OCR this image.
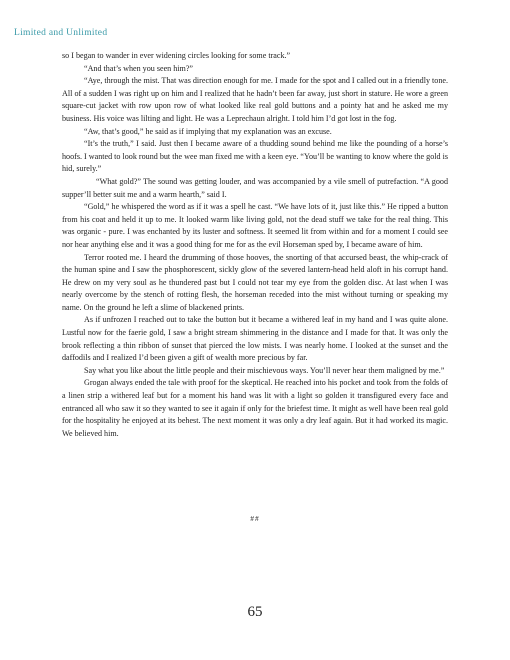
Limited and Unlimited

so I began to wander in ever widening circles looking for some track.”

“And that’s when you seen him?”

“Aye, through the mist. That was direction enough for me. I made for the spot and I called out in a friendly tone. All of a sudden I was right up on him and I realized that he hadn’t been far away, just short in stature. He wore a green square-cut jacket with row upon row of what looked like real gold buttons and a pointy hat and he asked me my business. His voice was lilting and light. He was a Leprechaun alright. I told him I’d got lost in the fog.

“Aw, that’s good,” he said as if implying that my explanation was an excuse.

“It’s the truth,” I said. Just then I became aware of a thudding sound behind me like the pounding of a horse’s hoofs. I wanted to look round but the wee man fixed me with a keen eye. “You’ll be wanting to know where the gold is hid, surely.”

“What gold?” The sound was getting louder, and was accompanied by a vile smell of putrefaction. “A good supper’ll better suit me and a warm hearth,” said I.

“Gold,” he whispered the word as if it was a spell he cast. “We have lots of it, just like this.” He ripped a button from his coat and held it up to me. It looked warm like living gold, not the dead stuff we take for the real thing. This was organic - pure. I was enchanted by its luster and softness. It seemed lit from within and for a moment I could see nor hear anything else and it was a good thing for me for as the evil Horseman sped by, I became aware of him.

Terror rooted me. I heard the drumming of those hooves, the snorting of that accursed beast, the whip-crack of the human spine and I saw the phosphorescent, sickly glow of the severed lantern-head held aloft in his corrupt hand. He drew on my very soul as he thundered past but I could not tear my eye from the golden disc. At last when I was nearly overcome by the stench of rotting flesh, the horseman receded into the mist without turning or speaking my name. On the ground he left a slime of blackened prints.

As if unfrozen I reached out to take the button but it became a withered leaf in my hand and I was quite alone. Lustful now for the faerie gold, I saw a bright stream shimmering in the distance and I made for that. It was only the brook reflecting a thin ribbon of sunset that pierced the low mists. I was nearly home. I looked at the sunset and the daffodils and I realized I’d been given a gift of wealth more precious by far.

Say what you like about the little people and their mischievous ways. You’ll never hear them maligned by me.”

Grogan always ended the tale with proof for the skeptical. He reached into his pocket and took from the folds of a linen strip a withered leaf but for a moment his hand was lit with a light so golden it transfigured every face and entranced all who saw it so they wanted to see it again if only for the briefest time. It might as well have been real gold for the hospitality he enjoyed at its behest. The next moment it was only a dry leaf again. But it had worked its magic. We believed him.

##
65
